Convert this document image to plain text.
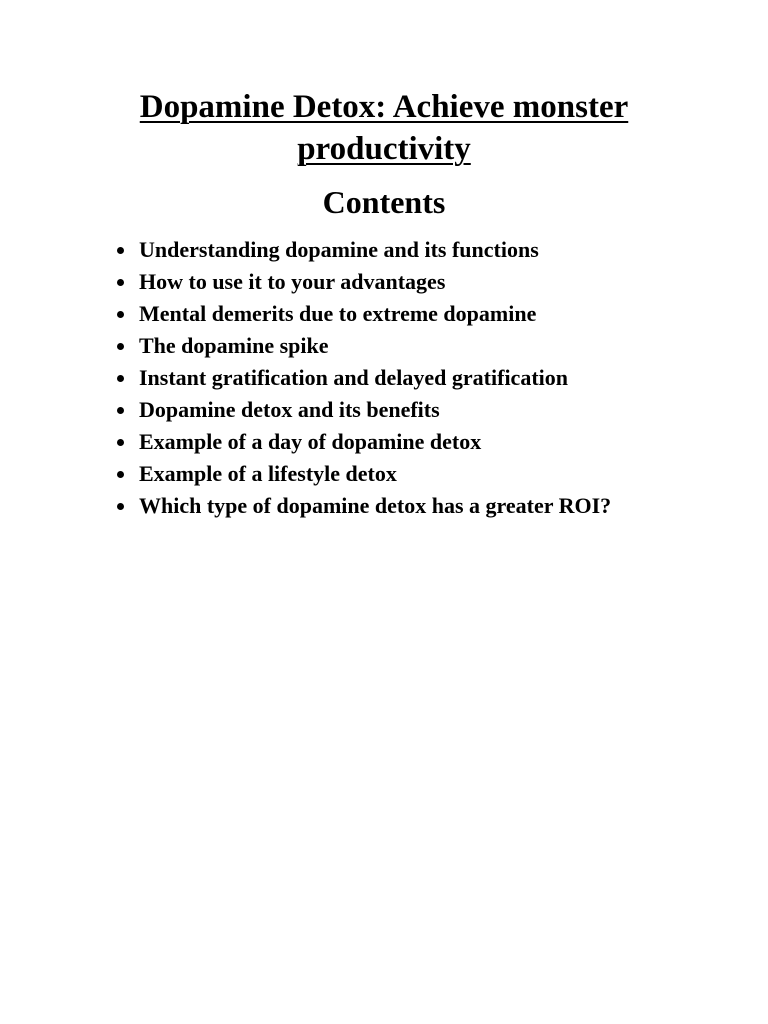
Dopamine Detox: Achieve monster productivity
Contents
Understanding dopamine and its functions
How to use it to your advantages
Mental demerits due to extreme dopamine
The dopamine spike
Instant gratification and delayed gratification
Dopamine detox and its benefits
Example of a day of dopamine detox
Example of a lifestyle detox
Which type of dopamine detox has a greater ROI?
